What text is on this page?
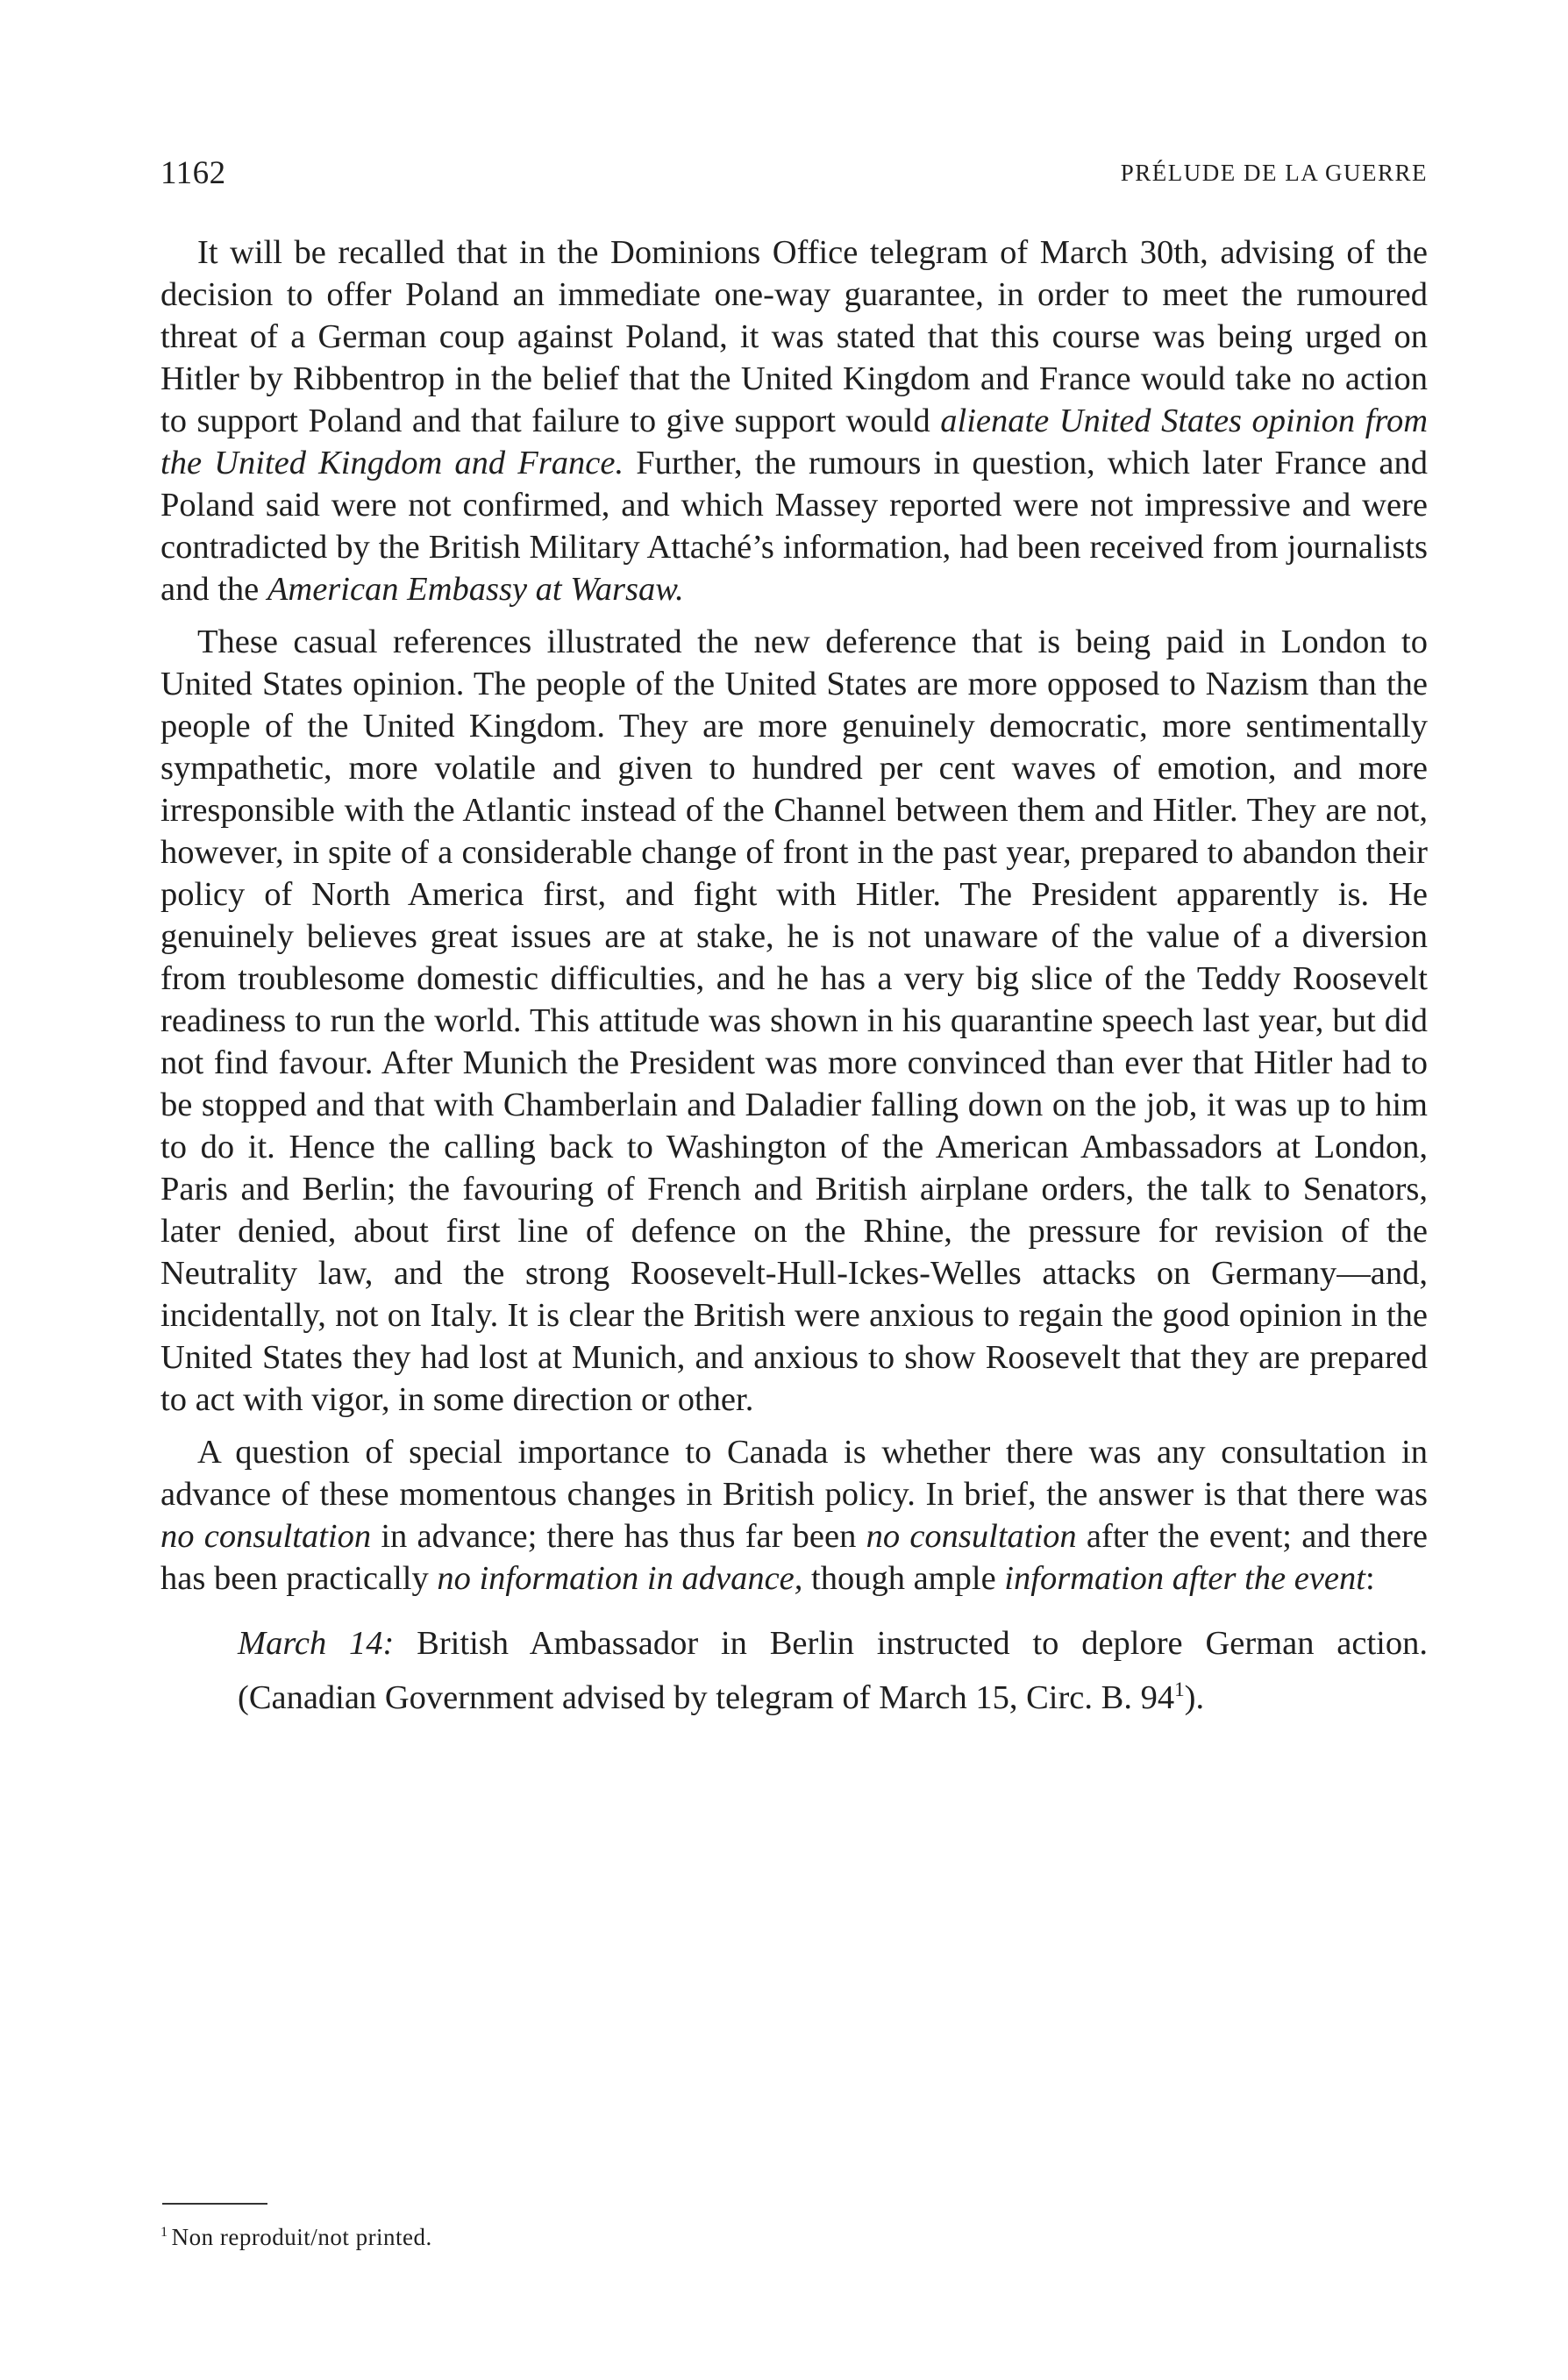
1162	PRÉLUDE DE LA GUERRE

It will be recalled that in the Dominions Office telegram of March 30th, advising of the decision to offer Poland an immediate one-way guarantee, in order to meet the rumoured threat of a German coup against Poland, it was stated that this course was being urged on Hitler by Ribbentrop in the belief that the United Kingdom and France would take no action to support Poland and that failure to give support would alienate United States opinion from the United Kingdom and France. Further, the rumours in question, which later France and Poland said were not confirmed, and which Massey reported were not impressive and were contradicted by the British Military Attaché’s information, had been received from journalists and the American Embassy at Warsaw.

These casual references illustrated the new deference that is being paid in London to United States opinion. The people of the United States are more opposed to Nazism than the people of the United Kingdom. They are more genuinely democratic, more sentimentally sympathetic, more volatile and given to hundred per cent waves of emotion, and more irresponsible with the Atlantic instead of the Channel between them and Hitler. They are not, however, in spite of a considerable change of front in the past year, prepared to abandon their policy of North America first, and fight with Hitler. The President apparently is. He genuinely believes great issues are at stake, he is not unaware of the value of a diversion from troublesome domestic difficulties, and he has a very big slice of the Teddy Roosevelt readiness to run the world. This attitude was shown in his quarantine speech last year, but did not find favour. After Munich the President was more convinced than ever that Hitler had to be stopped and that with Chamberlain and Daladier falling down on the job, it was up to him to do it. Hence the calling back to Washington of the American Ambassadors at London, Paris and Berlin; the favouring of French and British airplane orders, the talk to Senators, later denied, about first line of defence on the Rhine, the pressure for revision of the Neutrality law, and the strong Roosevelt-Hull-Ickes-Welles attacks on Germany—and, incidentally, not on Italy. It is clear the British were anxious to regain the good opinion in the United States they had lost at Munich, and anxious to show Roosevelt that they are prepared to act with vigor, in some direction or other.

A question of special importance to Canada is whether there was any consultation in advance of these momentous changes in British policy. In brief, the answer is that there was no consultation in advance; there has thus far been no consultation after the event; and there has been practically no information in advance, though ample information after the event:

March 14: British Ambassador in Berlin instructed to deplore German action. (Canadian Government advised by telegram of March 15, Circ. B. $94^1$).

$^1$ Non reproduit/not printed.
